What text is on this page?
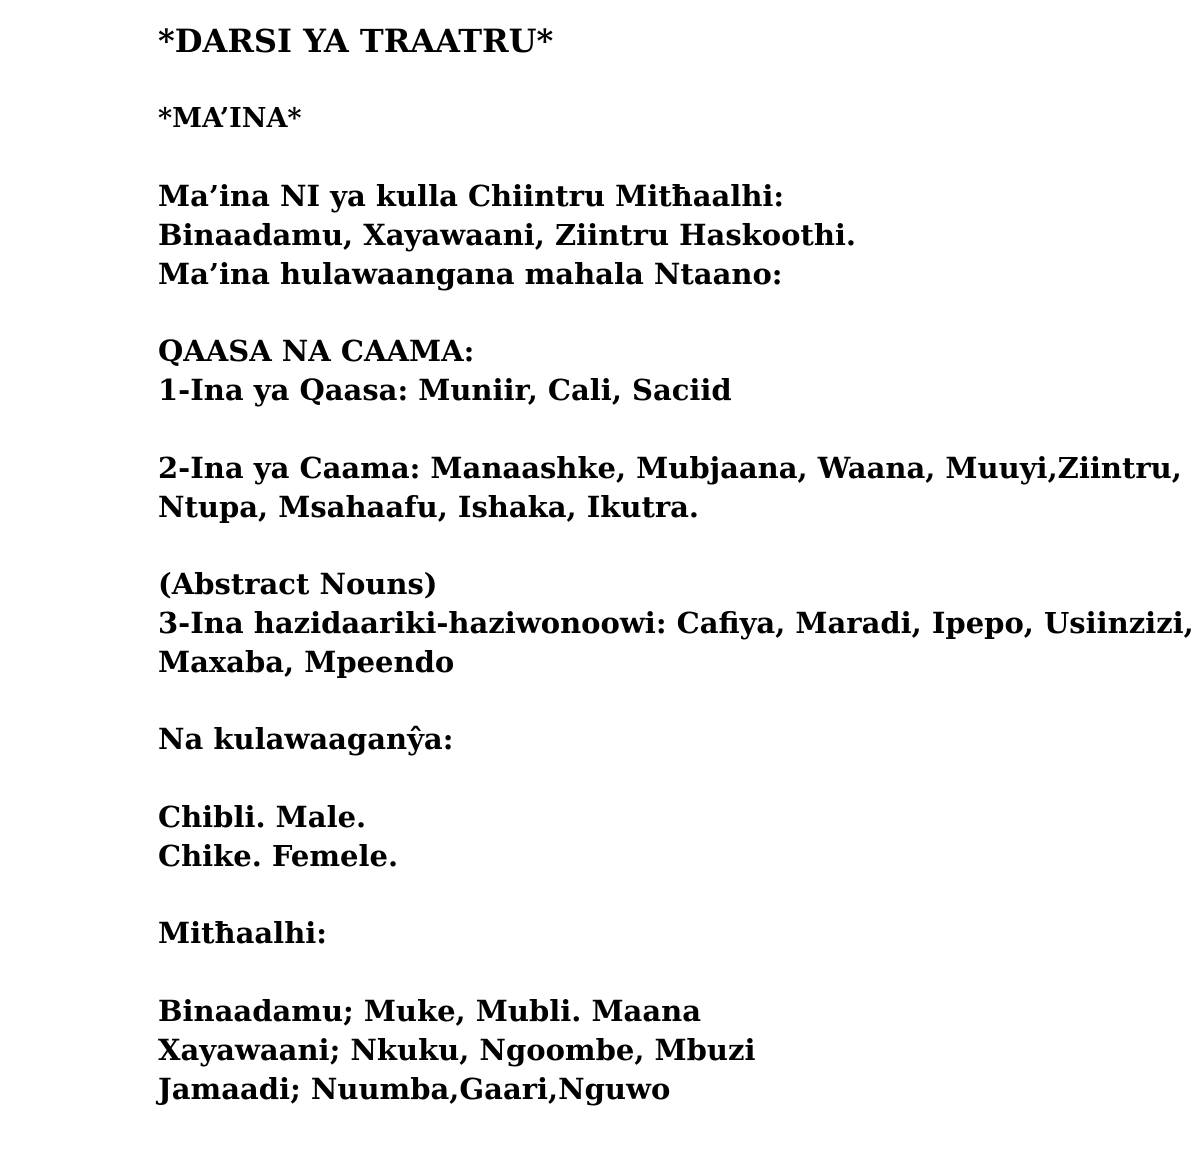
*DARSI YA TRAATRU*
*MA’INA*
Ma’ina NI ya kulla Chiintru Mitħaalhi:
Binaadamu, Xayawaani, Ziintru Haskoothi.
Ma’ina hulawaangana mahala Ntaano:
QAASA NA CAAMA:
1-Ina ya Qaasa: Muniir, Cali, Saciid
2-Ina ya Caama: Manaashke, Mubjaana, Waana, Muuyi,Ziintru,
Ntupa, Msahaafu, Ishaka, Ikutra.
(Abstract Nouns)
3-Ina hazidaariki-haziwonoowi: Cafiya, Maradi, Ipepo, Usiinzizi,
Maxaba, Mpeendo
Na kulawaaganŷa:
Chibli. Male.
Chike. Femele.
Mitħaalhi:
Binaadamu; Muke, Mubli. Maana
Xayawaani; Nkuku, Ngoombe, Mbuzi
Jamaadi; Nuumba,Gaari,Nguwo
